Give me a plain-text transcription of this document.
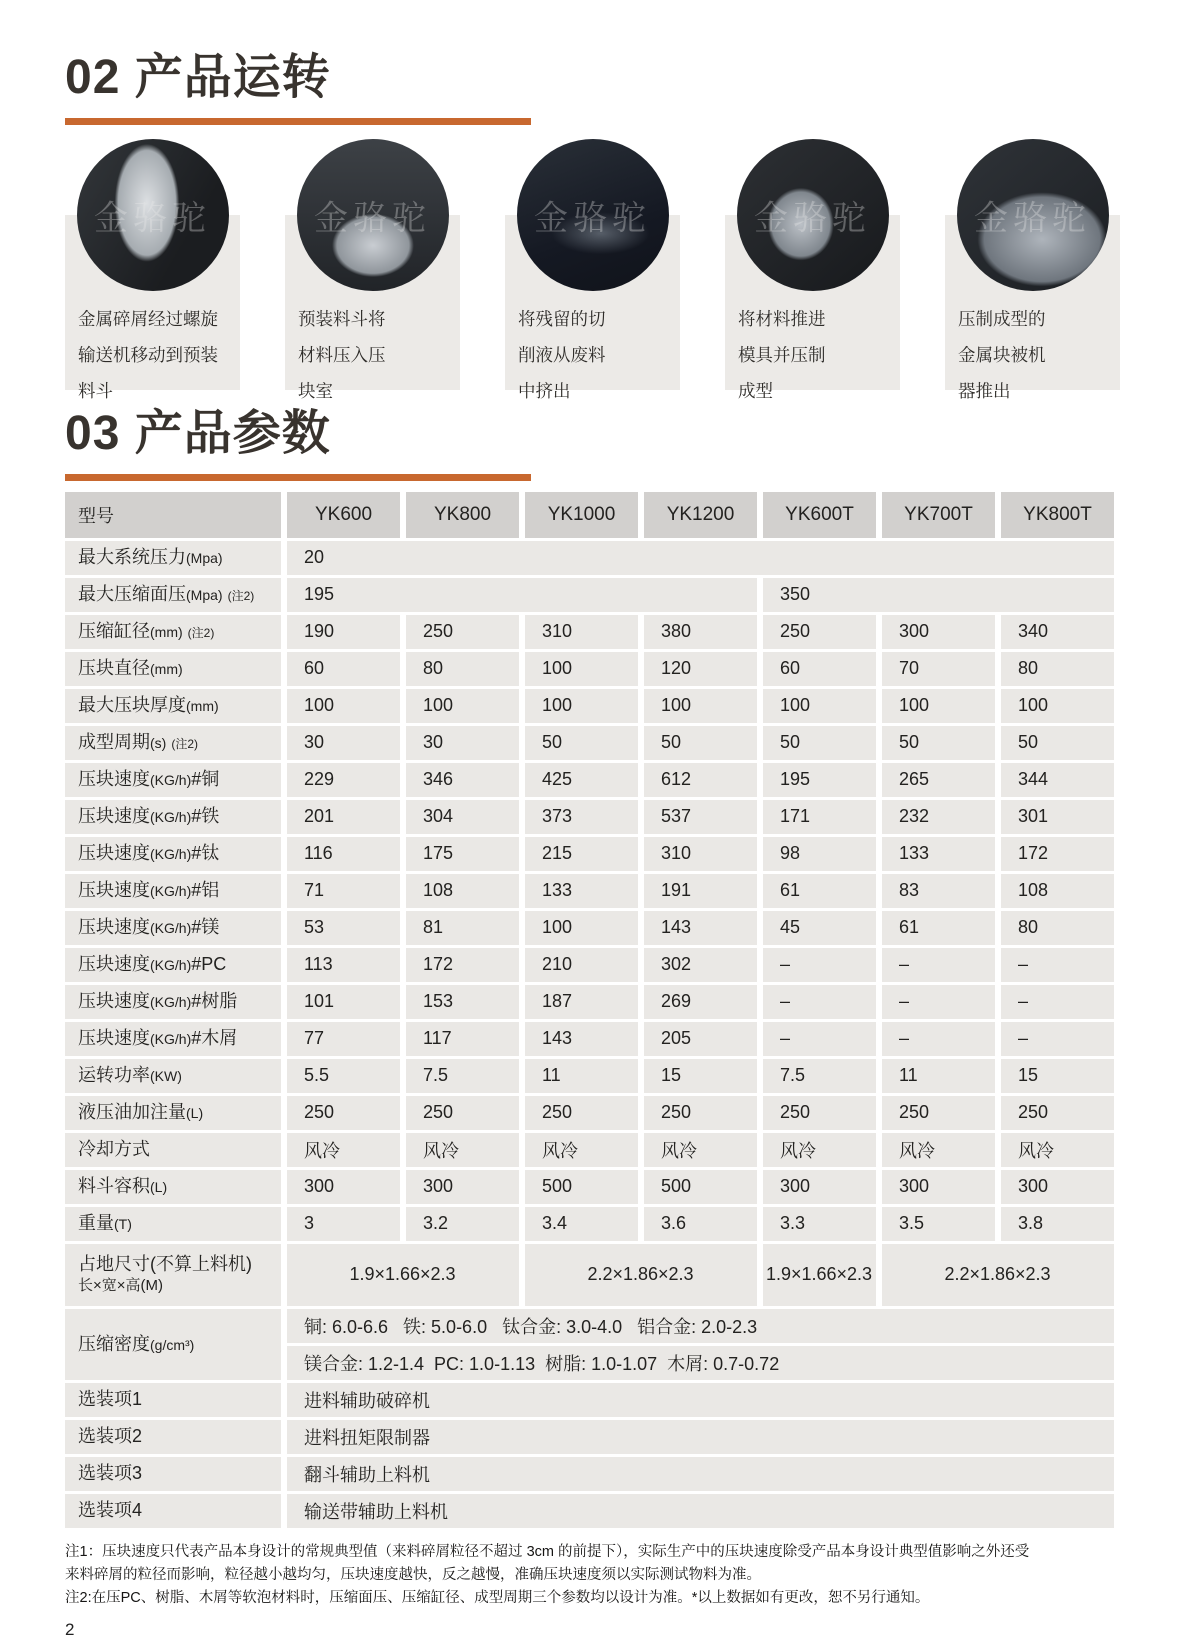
02 产品运转
金骆驼
金属碎屑经过螺旋
输送机移动到预装
料斗
金骆驼
预装料斗将
材料压入压
块室
金骆驼
将残留的切
削液从废料
中挤出
金骆驼
将材料推进
模具并压制
成型
金骆驼
压制成型的
金属块被机
器推出
03 产品参数
型号	YK600	YK800	YK1000	YK1200	YK600T	YK700T	YK800T
最大系统压力(Mpa)	20						
最大压缩面压(Mpa) (注2)	195				350		
压缩缸径(mm) (注2)	190	250	310	380	250	300	340
压块直径(mm)	60	80	100	120	60	70	80
最大压块厚度(mm)	100	100	100	100	100	100	100
成型周期(s) (注2)	30	30	50	50	50	50	50
压块速度(KG/h)#铜	229	346	425	612	195	265	344
压块速度(KG/h)#铁	201	304	373	537	171	232	301
压块速度(KG/h)#钛	116	175	215	310	98	133	172
压块速度(KG/h)#铝	71	108	133	191	61	83	108
压块速度(KG/h)#镁	53	81	100	143	45	61	80
压块速度(KG/h)#PC	113	172	210	302	–	–	–
压块速度(KG/h)#树脂	101	153	187	269	–	–	–
压块速度(KG/h)#木屑	77	117	143	205	–	–	–
运转功率(KW)	5.5	7.5	11	15	7.5	11	15
液压油加注量(L)	250	250	250	250	250	250	250
冷却方式	风冷	风冷	风冷	风冷	风冷	风冷	风冷
料斗容积(L)	300	300	500	500	300	300	300
重量(T)	3	3.2	3.4	3.6	3.3	3.5	3.8
占地尺寸(不算上料机)
长×宽×高(M)	1.9×1.66×2.3		2.2×1.86×2.3		1.9×1.66×2.3	2.2×1.86×2.3	
压缩密度(g/cm³)	铜: 6.0-6.6   铁: 5.0-6.0   钛合金: 3.0-4.0   铝合金: 2.0-2.3						
	镁合金: 1.2-1.4  PC: 1.0-1.13  树脂: 1.0-1.07  木屑: 0.7-0.72						
选装项1	进料辅助破碎机						
选装项2	进料扭矩限制器						
选装项3	翻斗辅助上料机						
选装项4	输送带辅助上料机						
注1：压块速度只代表产品本身设计的常规典型值（来料碎屑粒径不超过 3cm 的前提下），实际生产中的压块速度除受产品本身设计典型值影响之外还受
来料碎屑的粒径而影响，粒径越小越均匀，压块速度越快，反之越慢，准确压块速度须以实际测试物料为准。
注2:在压PC、树脂、木屑等软泡材料时，压缩面压、压缩缸径、成型周期三个参数均以设计为准。*以上数据如有更改，恕不另行通知。
2
